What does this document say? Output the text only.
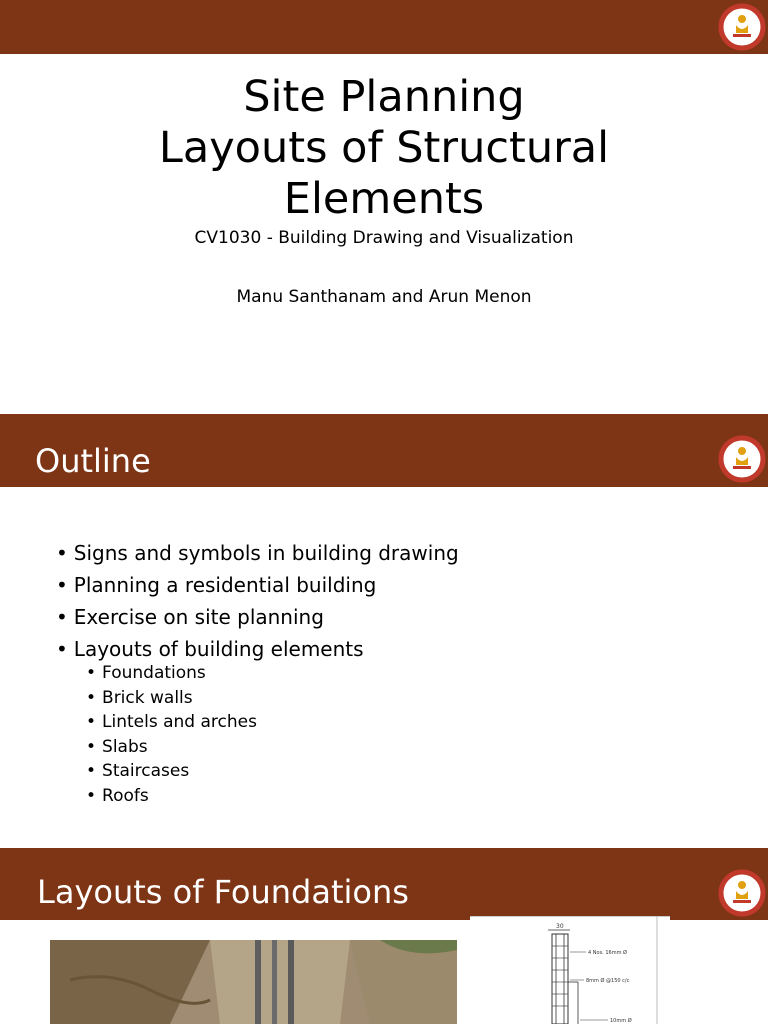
Site Planning
Layouts of Structural
Elements
CV1030 - Building Drawing and Visualization
Manu Santhanam and Arun Menon
Outline
• Signs and symbols in building drawing
• Planning a residential building
• Exercise on site planning
• Layouts of building elements
• Foundations
• Brick walls
• Lintels and arches
• Slabs
• Staircases
• Roofs
Layouts of Foundations
30
4 Nos. 16mm Ø
8mm Ø @150 c/c
10mm Ø
